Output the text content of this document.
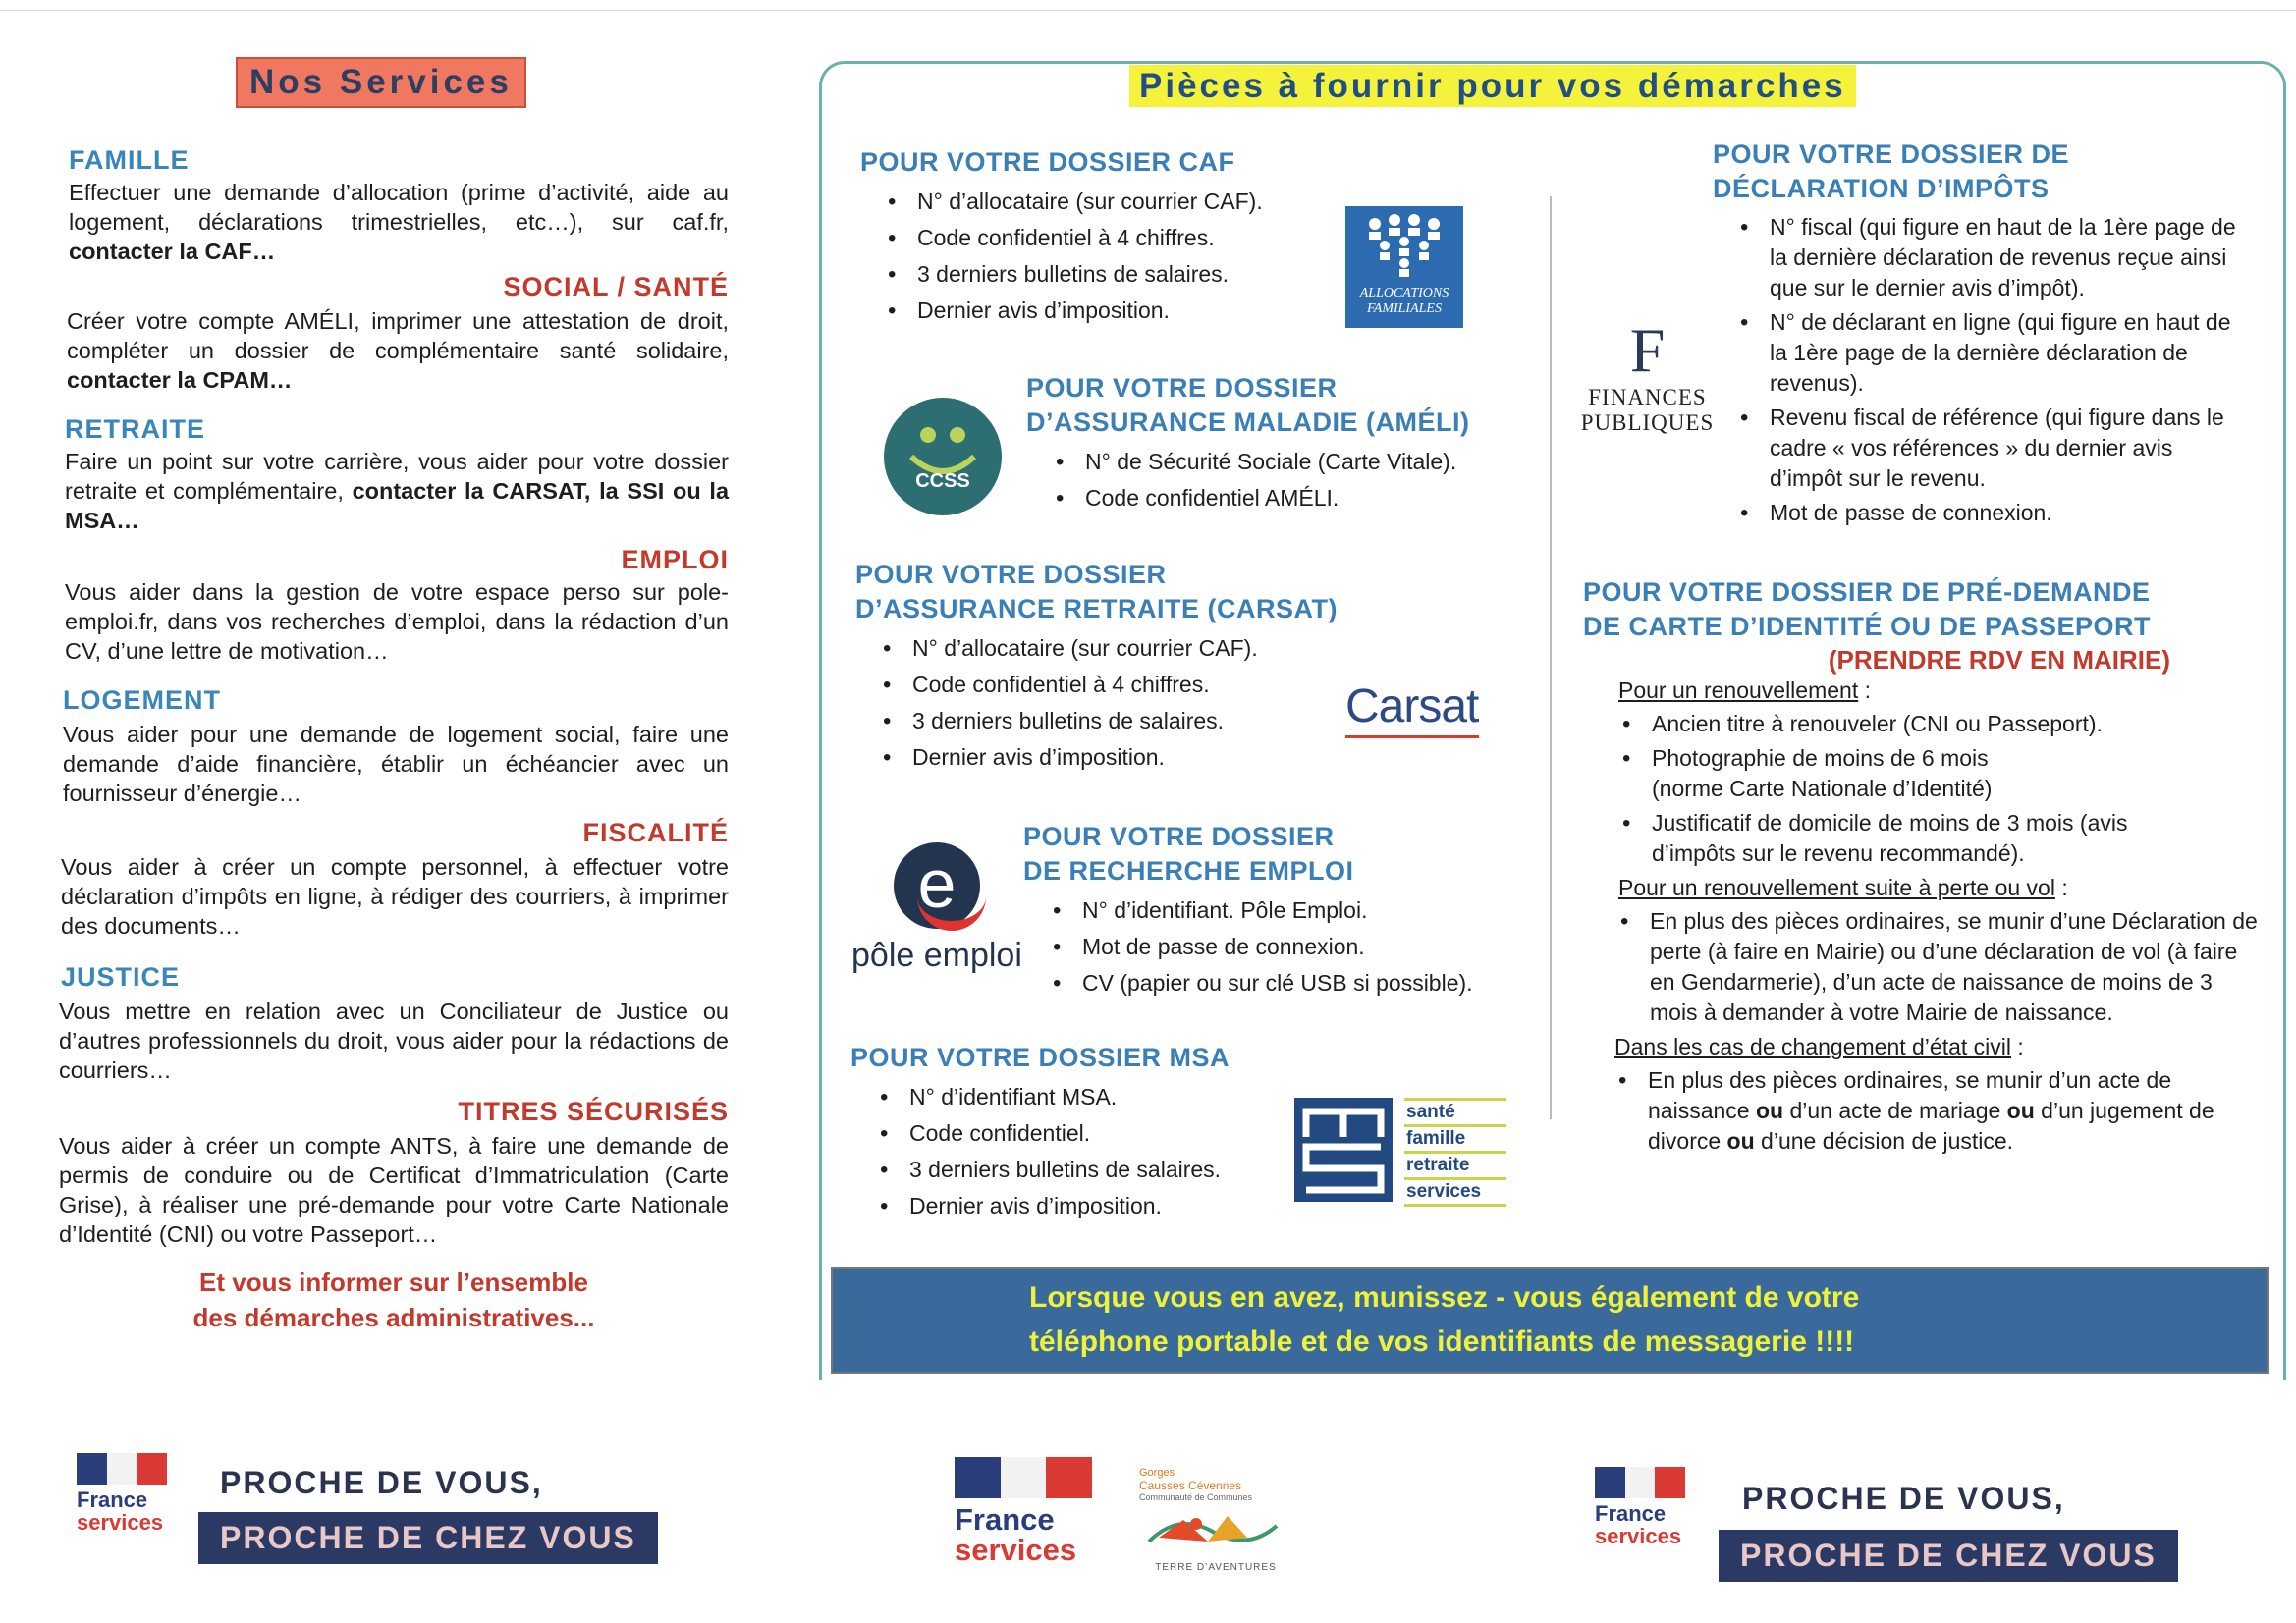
Nos Services
FAMILLE
Effectuer une demande d’allocation (prime d’activité, aide au logement, déclarations trimestrielles, etc…), sur caf.fr, contacter la CAF…
SOCIAL / SANTÉ
Créer votre compte AMÉLI, imprimer une attestation de droit, compléter un dossier de complémentaire santé solidaire, contacter la CPAM…
RETRAITE
Faire un point sur votre carrière, vous aider pour votre dossier retraite et complémentaire, contacter la CARSAT, la SSI ou la MSA…
EMPLOI
Vous aider dans la gestion de votre espace perso sur pole-emploi.fr, dans vos recherches d’emploi, dans la rédaction d’un CV, d’une lettre de motivation…
LOGEMENT
Vous aider pour une demande de logement social, faire une demande d’aide financière, établir un échéancier avec un fournisseur d’énergie…
FISCALITÉ
Vous aider à créer un compte personnel, à effectuer votre déclaration d’impôts en ligne, à rédiger des courriers, à imprimer des documents…
JUSTICE
Vous mettre en relation avec un Conciliateur de Justice ou d’autres professionnels du droit, vous aider pour la rédactions de courriers…
TITRES SÉCURISÉS
Vous aider à créer un compte ANTS, à faire une demande de permis de conduire ou de Certificat d’Immatriculation (Carte Grise), à réaliser une pré-demande pour votre Carte Nationale d’Identité (CNI) ou votre Passeport…
Et vous informer sur l’ensemble
des démarches administratives...
Pièces à fournir pour vos démarches
POUR VOTRE DOSSIER CAF
• N° d’allocataire (sur courrier CAF).
• Code confidentiel à 4 chiffres.
• 3 derniers bulletins de salaires.
• Dernier avis d’imposition.
ALLOCATIONS
FAMILIALES
CCSS
POUR VOTRE DOSSIER
D’ASSURANCE MALADIE (AMÉLI)
• N° de Sécurité Sociale (Carte Vitale).
• Code confidentiel AMÉLI.
POUR VOTRE DOSSIER
D’ASSURANCE RETRAITE (CARSAT)
• N° d’allocataire (sur courrier CAF).
• Code confidentiel à 4 chiffres.
• 3 derniers bulletins de salaires.
• Dernier avis d’imposition.
Carsat
e
pôle emploi
POUR VOTRE DOSSIER
DE RECHERCHE EMPLOI
• N° d’identifiant. Pôle Emploi.
• Mot de passe de connexion.
• CV (papier ou sur clé USB si possible).
POUR VOTRE DOSSIER MSA
• N° d’identifiant MSA.
• Code confidentiel.
• 3 derniers bulletins de salaires.
• Dernier avis d’imposition.
santé
famille
retraite
services
F
FINANCES
PUBLIQUES
POUR VOTRE DOSSIER DE
DÉCLARATION D’IMPÔTS
• N° fiscal (qui figure en haut de la 1ère page de la dernière déclaration de revenus reçue ainsi que sur le dernier avis d’impôt).
• N° de déclarant en ligne (qui figure en haut de la 1ère page de la dernière déclaration de revenus).
• Revenu fiscal de référence (qui figure dans le cadre « vos références » du dernier avis d’impôt sur le revenu.
• Mot de passe de connexion.
POUR VOTRE DOSSIER DE PRÉ-DEMANDE
DE CARTE D’IDENTITÉ OU DE PASSEPORT
(PRENDRE RDV EN MAIRIE)
Pour un renouvellement :
• Ancien titre à renouveler (CNI ou Passeport).
• Photographie de moins de 6 mois (norme Carte Nationale d’Identité)
• Justificatif de domicile de moins de 3 mois (avis d’impôts sur le revenu recommandé).
Pour un renouvellement suite à perte ou vol :
• En plus des pièces ordinaires, se munir d’une Déclaration de perte (à faire en Mairie) ou d’une déclaration de vol (à faire en Gendarmerie), d’un acte de naissance de moins de 3 mois à demander à votre Mairie de naissance.
Dans les cas de changement d’état civil :
• En plus des pièces ordinaires, se munir d’un acte de naissance ou d’un acte de mariage ou d’un jugement de divorce ou d’une décision de justice.
Lorsque vous en avez, munissez - vous également de votre
téléphone portable et de vos identifiants de messagerie !!!!
France
services
PROCHE DE VOUS,
PROCHE DE CHEZ VOUS
France
services
Gorges
Causses Cévennes
Communauté de Communes
TERRE D’AVENTURES
France
services
PROCHE DE VOUS,
PROCHE DE CHEZ VOUS
